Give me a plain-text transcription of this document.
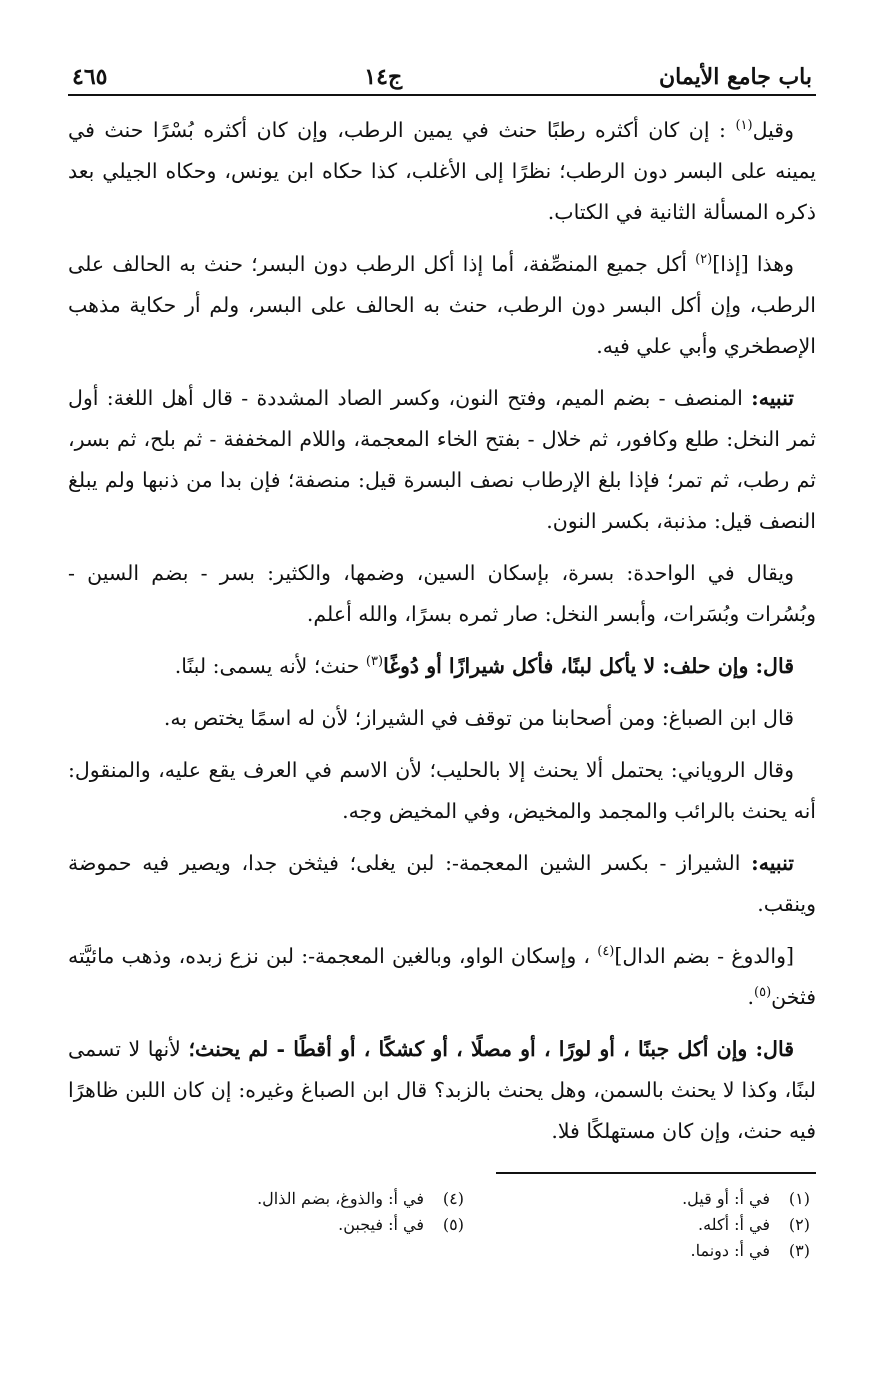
باب جامع الأيمان
ج١٤
٤٦٥

وقيل$^{(١)}$ : إن كان أكثره رطبًا حنث في يمين الرطب، وإن كان أكثره بُسْرًا حنث في يمينه على البسر دون الرطب؛ نظرًا إلى الأغلب، كذا حكاه ابن يونس، وحكاه الجيلي بعد ذكره المسألة الثانية في الكتاب.

وهذا [إذا]$^{(٢)}$ أكل جميع المنصِّفة، أما إذا أكل الرطب دون البسر؛ حنث به الحالف على الرطب، وإن أكل البسر دون الرطب، حنث به الحالف على البسر، ولم أر حكاية مذهب الإصطخري وأبي علي فيه.

تنبيه: المنصف - بضم الميم، وفتح النون، وكسر الصاد المشددة - قال أهل اللغة: أول ثمر النخل: طلع وكافور، ثم خلال - بفتح الخاء المعجمة، واللام المخففة - ثم بلح، ثم بسر، ثم رطب، ثم تمر؛ فإذا بلغ الإرطاب نصف البسرة قيل: منصفة؛ فإن بدا من ذنبها ولم يبلغ النصف قيل: مذنبة، بكسر النون.

ويقال في الواحدة: بسرة، بإسكان السين، وضمها، والكثير: بسر - بضم السين - وبُسُرات وبُسَرات، وأبسر النخل: صار ثمره بسرًا، والله أعلم.

قال: وإن حلف: لا يأكل لبنًا، فأكل شيرازًا أو دُوغًا$^{(٣)}$ حنث؛ لأنه يسمى: لبنًا.

قال ابن الصباغ: ومن أصحابنا من توقف في الشيراز؛ لأن له اسمًا يختص به.

وقال الروياني: يحتمل ألا يحنث إلا بالحليب؛ لأن الاسم في العرف يقع عليه، والمنقول: أنه يحنث بالرائب والمجمد والمخيض، وفي المخيض وجه.

تنبيه: الشيراز - بكسر الشين المعجمة-: لبن يغلى؛ فيثخن جدا، ويصير فيه حموضة وينقب.

[والدوغ - بضم الدال]$^{(٤)}$ ، وإسكان الواو، وبالغين المعجمة-: لبن نزع زبده، وذهب مائيَّته فثخن$^{(٥)}$.

قال: وإن أكل جبنًا ، أو لورًا ، أو مصلًا ، أو كشكًا ، أو أقطًا - لم يحنث؛ لأنها لا تسمى لبنًا، وكذا لا يحنث بالسمن، وهل يحنث بالزبد؟ قال ابن الصباغ وغيره: إن كان اللبن ظاهرًا فيه حنث، وإن كان مستهلكًا فلا.

(١)في أ: أو قيل.
(٢)في أ: أكله.
(٣)في أ: دونما.
(٤)في أ: والذوغ، بضم الذال.
(٥)في أ: فيجبن.
